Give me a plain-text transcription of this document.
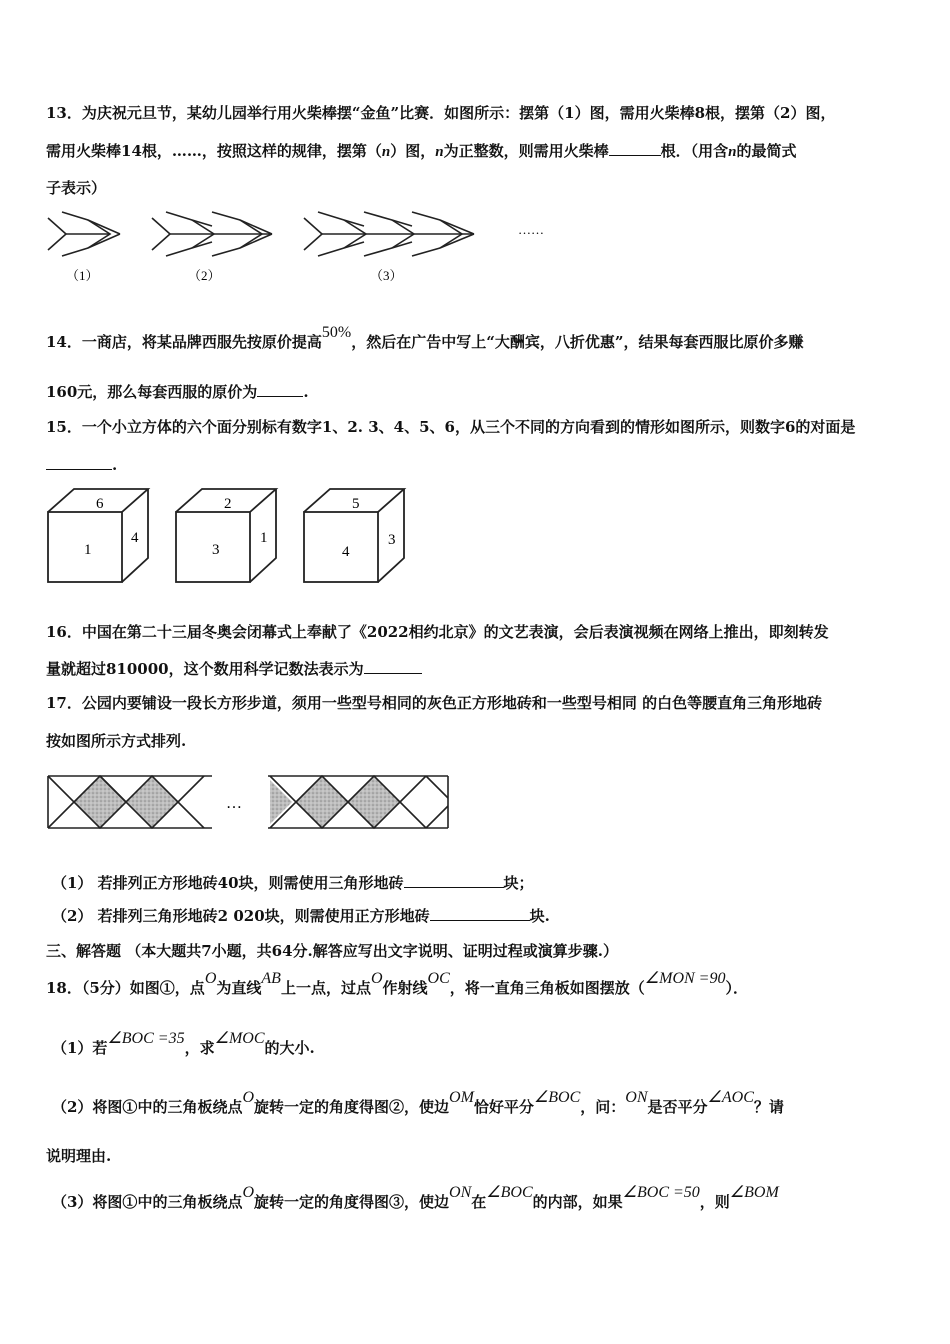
13．为庆祝元旦节，某幼儿园举行用火柴棒摆“金鱼”比赛．如图所示：摆第（1）图，需用火柴棒8根，摆第（2）图，
需用火柴棒14根，……，按照这样的规律，摆第（n）图，n为正整数，则需用火柴棒	根．（用含n的最简式
子表示）
（1）	（2）	（3）
……
14．一商店，将某品牌西服先按原价提高50%，然后在广告中写上“大酬宾，八折优惠”，结果每套西服比原价多赚
160元，那么每套西服的原价为	.
15．一个小立方体的六个面分别标有数字1、2. 3、4、5、6，从三个不同的方向看到的情形如图所示，则数字6的对面是
.
6
1
4
2
3
1
5
4
3
16．中国在第二十三届冬奥会闭幕式上奉献了《2022相约北京》的文艺表演，会后表演视频在网络上推出，即刻转发
量就超过810000，这个数用科学记数法表示为
17．公园内要铺设一段长方形步道，须用一些型号相同的灰色正方形地砖和一些型号相同 的白色等腰直角三角形地砖
按如图所示方式排列.
…
（1） 若排列正方形地砖40块，则需使用三角形地砖	块；
（2） 若排列三角形地砖2 020块，则需使用正方形地砖	块.
三、解答题 （本大题共7小题，共64分.解答应写出文字说明、证明过程或演算步骤.）
18．（5分）如图①，点O为直线AB上一点，过点O作射线OC，将一直角三角板如图摆放（∠MON =90）．
（1）若∠BOC =35，求∠MOC的大小.
（2）将图①中的三角板绕点O旋转一定的角度得图②，使边OM恰好平分∠BOC，问：ON是否平分∠AOC？请
说明理由.
（3）将图①中的三角板绕点O旋转一定的角度得图③，使边ON在∠BOC的内部，如果∠BOC =50，则∠BOM
